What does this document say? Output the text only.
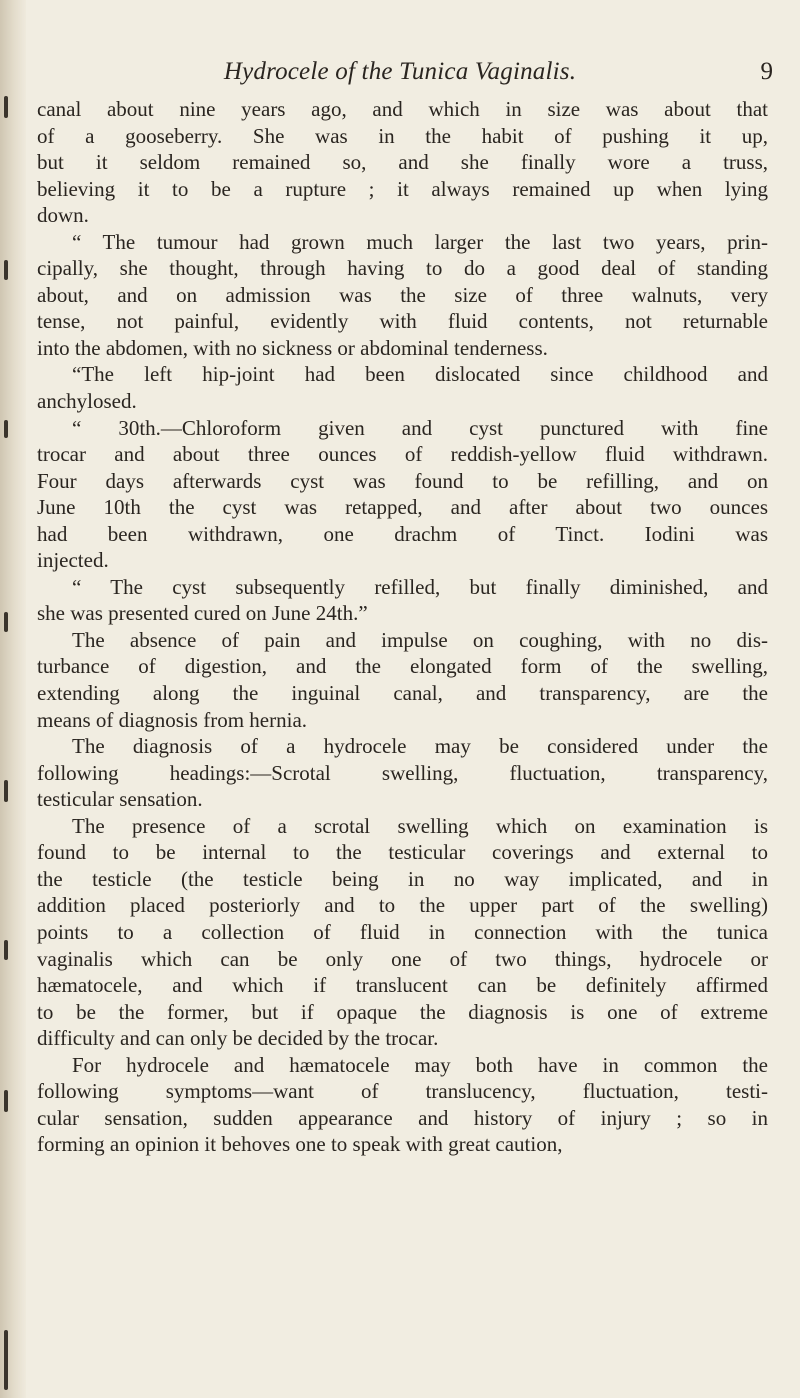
Hydrocele of the Tunica Vaginalis.	9
canal about nine years ago, and which in size was about that
of a gooseberry. She was in the habit of pushing it up,
but it seldom remained so, and she finally wore a truss,
believing it to be a rupture ; it always remained up when lying
down.
“ The tumour had grown much larger the last two years, prin-
cipally, she thought, through having to do a good deal of standing
about, and on admission was the size of three walnuts, very
tense, not painful, evidently with fluid contents, not returnable
into the abdomen, with no sickness or abdominal tenderness.
“The left hip-joint had been dislocated since childhood and
anchylosed.
“ 30th.—Chloroform given and cyst punctured with fine
trocar and about three ounces of reddish-yellow fluid withdrawn.
Four days afterwards cyst was found to be refilling, and on
June 10th the cyst was retapped, and after about two ounces
had been withdrawn, one drachm of Tinct. Iodini was
injected.
“ The cyst subsequently refilled, but finally diminished, and
she was presented cured on June 24th.”
The absence of pain and impulse on coughing, with no dis-
turbance of digestion, and the elongated form of the swelling,
extending along the inguinal canal, and transparency, are the
means of diagnosis from hernia.
The diagnosis of a hydrocele may be considered under the
following headings:—Scrotal swelling, fluctuation, transparency,
testicular sensation.
The presence of a scrotal swelling which on examination is
found to be internal to the testicular coverings and external to
the testicle (the testicle being in no way implicated, and in
addition placed posteriorly and to the upper part of the swelling)
points to a collection of fluid in connection with the tunica
vaginalis which can be only one of two things, hydrocele or
hæmatocele, and which if translucent can be definitely affirmed
to be the former, but if opaque the diagnosis is one of extreme
difficulty and can only be decided by the trocar.
For hydrocele and hæmatocele may both have in common the
following symptoms—want of translucency, fluctuation, testi-
cular sensation, sudden appearance and history of injury ; so in
forming an opinion it behoves one to speak with great caution,
